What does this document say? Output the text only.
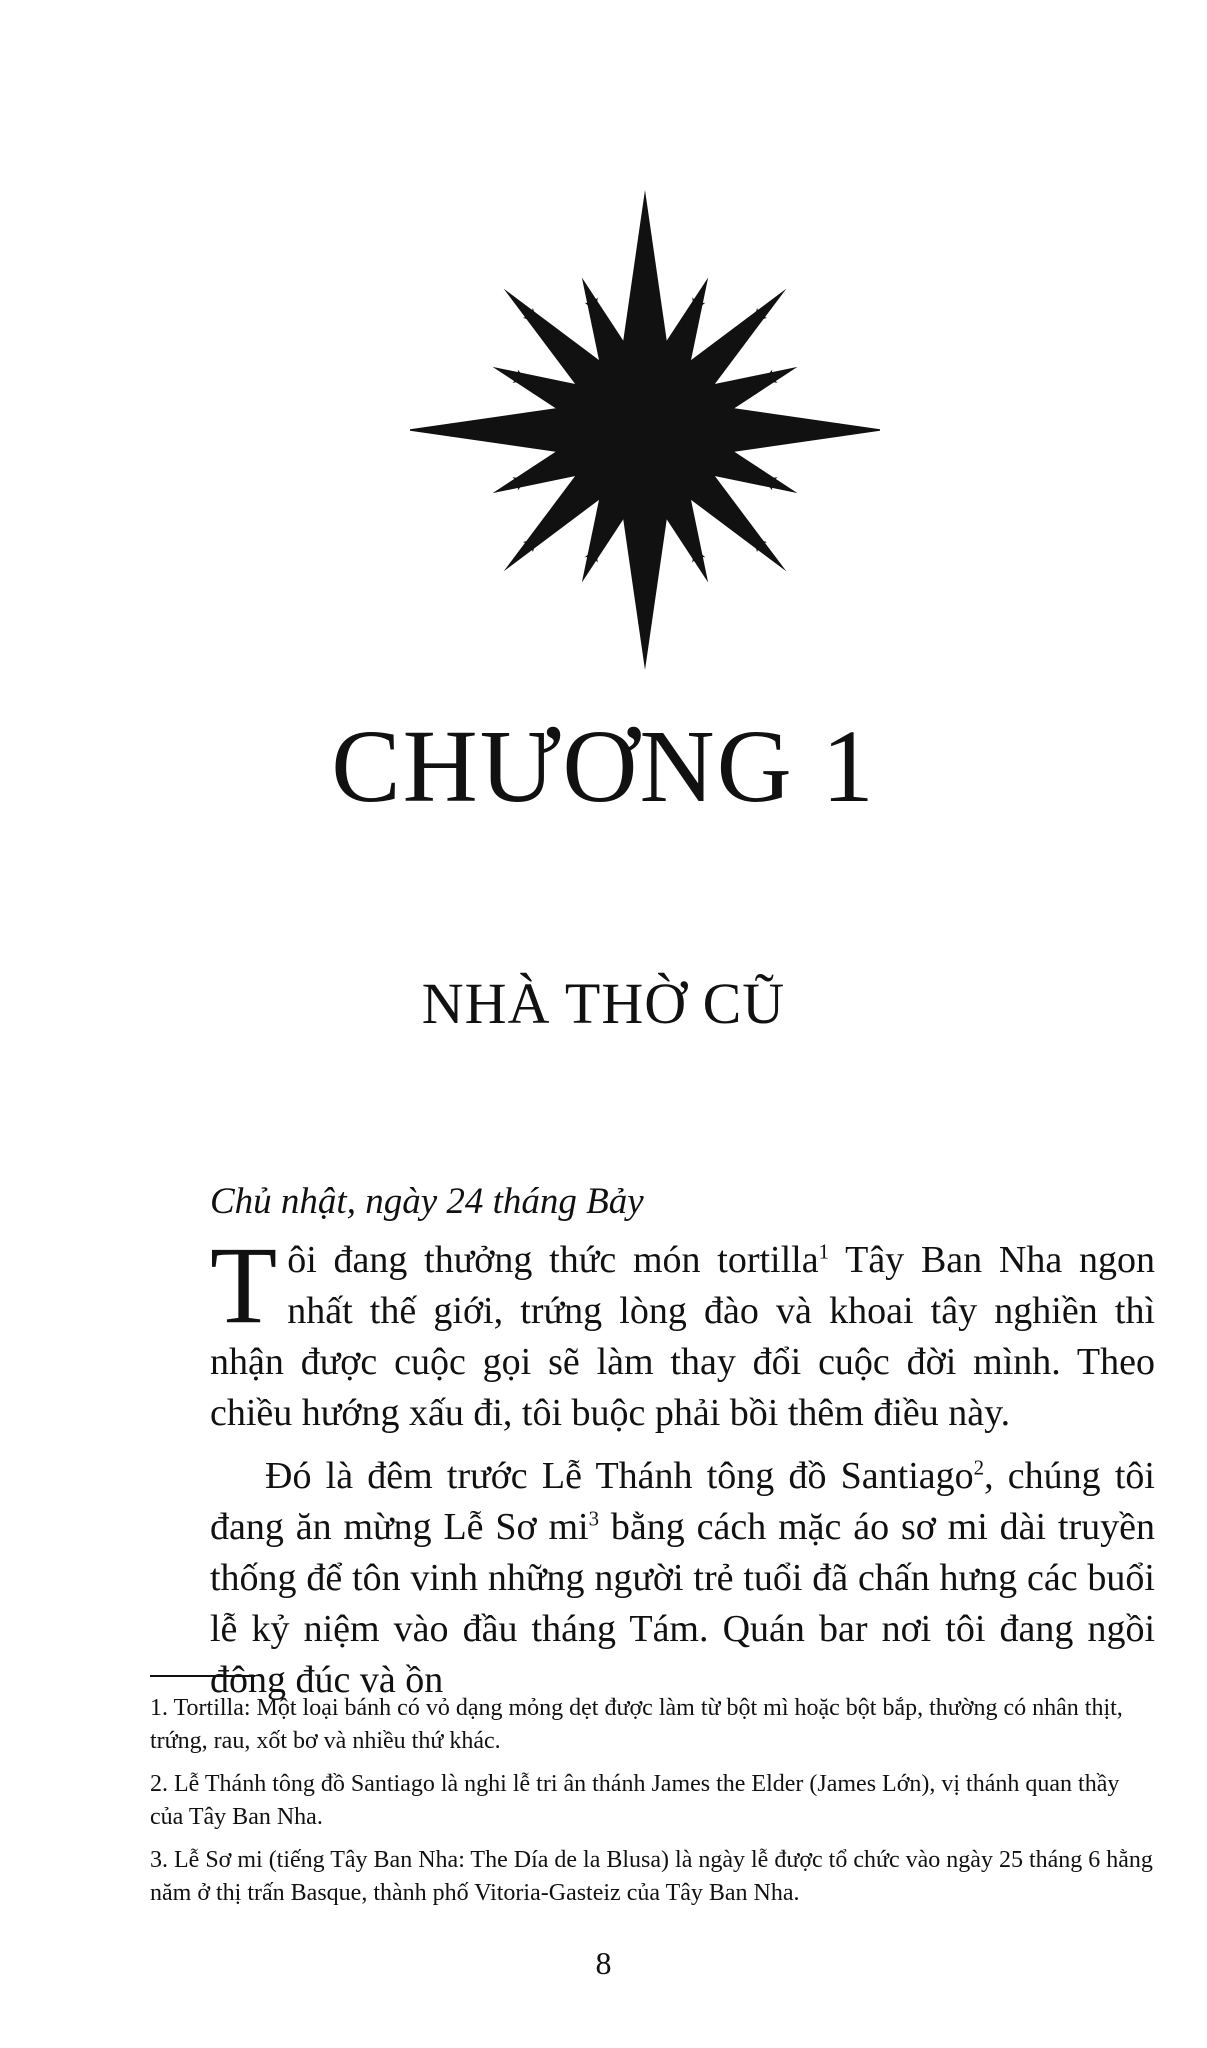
CHƯƠNG 1
NHÀ THỜ CŨ
Chủ nhật, ngày 24 tháng Bảy

Tôi đang thưởng thức món tortilla$^1$ Tây Ban Nha ngon nhất thế giới, trứng lòng đào và khoai tây nghiền thì nhận được cuộc gọi sẽ làm thay đổi cuộc đời mình. Theo chiều hướng xấu đi, tôi buộc phải bồi thêm điều này.

Đó là đêm trước Lễ Thánh tông đồ Santiago$^2$, chúng tôi đang ăn mừng Lễ Sơ $mi^3$ bằng cách mặc áo sơ mi dài truyền thống để tôn vinh những người trẻ tuổi đã chấn hưng các buổi lễ kỷ niệm vào đầu tháng Tám. Quán bar nơi tôi đang ngồi đông đúc và ồn

1. Tortilla: Một loại bánh có vỏ dạng mỏng dẹt được làm từ bột mì hoặc bột bắp, thường có nhân thịt, trứng, rau, xốt bơ và nhiều thứ khác.
2. Lễ Thánh tông đồ Santiago là nghi lễ tri ân thánh James the Elder (James Lớn), vị thánh quan thầy của Tây Ban Nha.
3. Lễ Sơ mi (tiếng Tây Ban Nha: The Día de la Blusa) là ngày lễ được tổ chức vào ngày 25 tháng 6 hằng năm ở thị trấn Basque, thành phố Vitoria-Gasteiz của Tây Ban Nha.
8
